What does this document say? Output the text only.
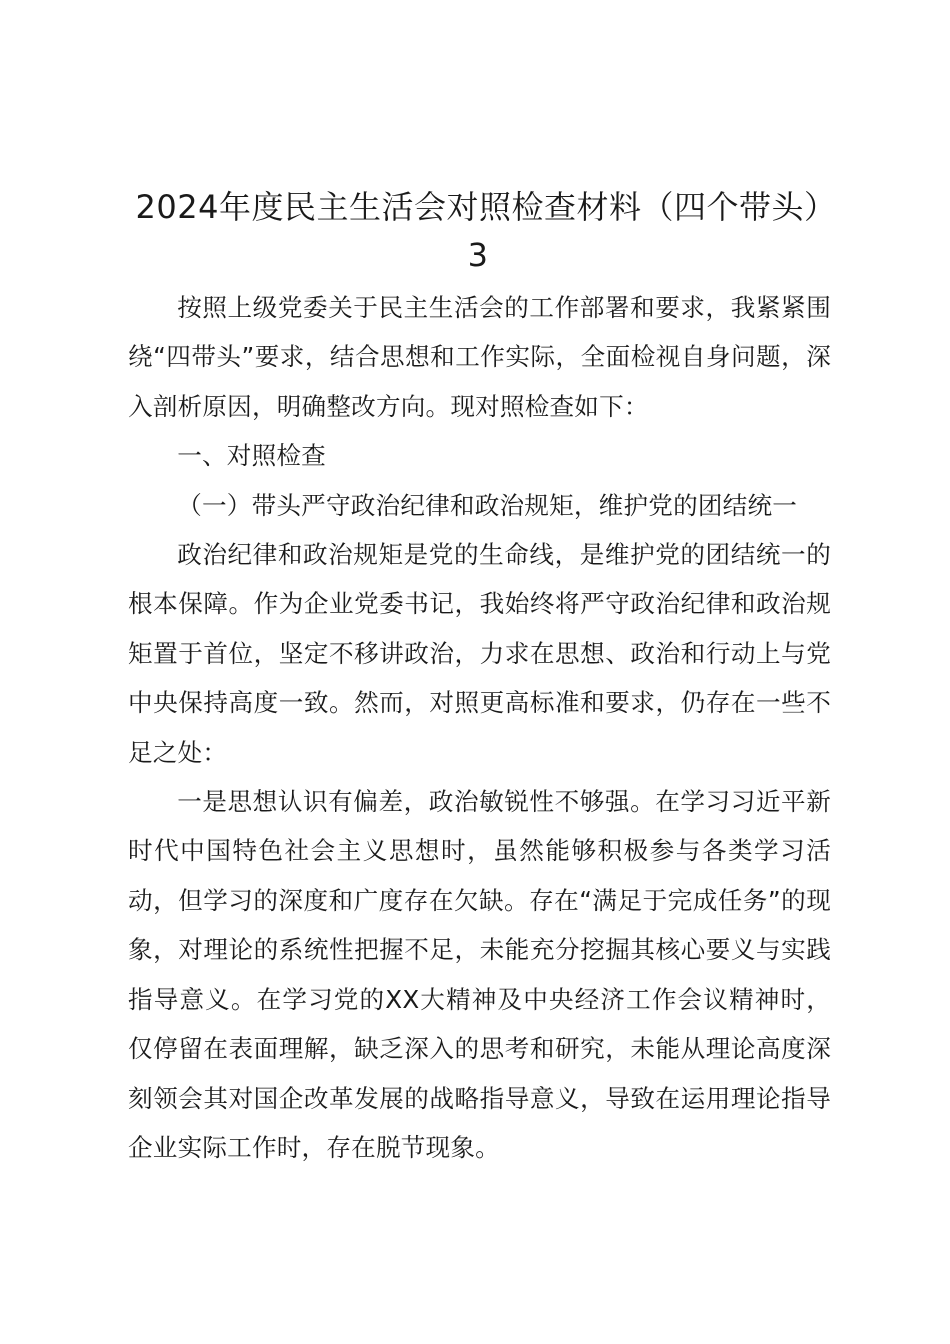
2024年度民主生活会对照检查材料（四个带头）3

按照上级党委关于民主生活会的工作部署和要求，我紧紧围绕“四带头”要求，结合思想和工作实际，全面检视自身问题，深入剖析原因，明确整改方向。现对照检查如下：

一、对照检查

（一）带头严守政治纪律和政治规矩，维护党的团结统一

政治纪律和政治规矩是党的生命线，是维护党的团结统一的根本保障。作为企业党委书记，我始终将严守政治纪律和政治规矩置于首位，坚定不移讲政治，力求在思想、政治和行动上与党中央保持高度一致。然而，对照更高标准和要求，仍存在一些不足之处：

一是思想认识有偏差，政治敏锐性不够强。在学习习近平新时代中国特色社会主义思想时，虽然能够积极参与各类学习活动，但学习的深度和广度存在欠缺。存在“满足于完成任务”的现象，对理论的系统性把握不足，未能充分挖掘其核心要义与实践指导意义。在学习党的XX大精神及中央经济工作会议精神时，仅停留在表面理解，缺乏深入的思考和研究，未能从理论高度深刻领会其对国企改革发展的战略指导意义，导致在运用理论指导企业实际工作时，存在脱节现象。
